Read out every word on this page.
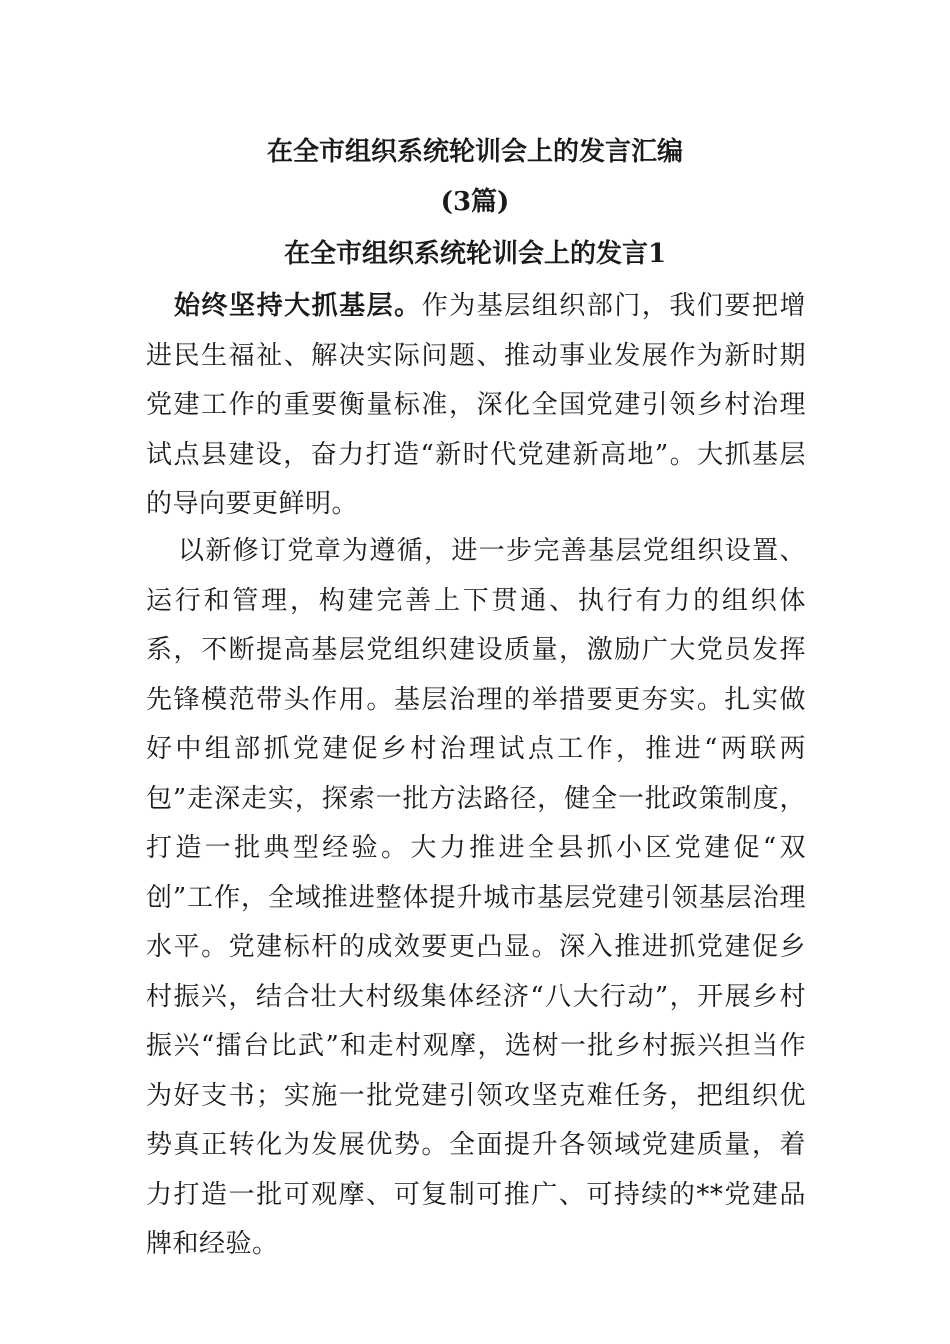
在全市组织系统轮训会上的发言汇编
(3篇)
在全市组织系统轮训会上的发言1
始终坚持大抓基层。作为基层组织部门，我们要把增进民生福祉、解决实际问题、推动事业发展作为新时期党建工作的重要衡量标准，深化全国党建引领乡村治理试点县建设，奋力打造“新时代党建新高地”。大抓基层的导向要更鲜明。
以新修订党章为遵循，进一步完善基层党组织设置、运行和管理，构建完善上下贯通、执行有力的组织体系，不断提高基层党组织建设质量，激励广大党员发挥先锋模范带头作用。基层治理的举措要更夯实。扎实做好中组部抓党建促乡村治理试点工作，推进“两联两包”走深走实，探索一批方法路径，健全一批政策制度，打造一批典型经验。大力推进全县抓小区党建促“双创”工作，全域推进整体提升城市基层党建引领基层治理水平。党建标杆的成效要更凸显。深入推进抓党建促乡村振兴，结合壮大村级集体经济“八大行动”，开展乡村振兴“擂台比武”和走村观摩，选树一批乡村振兴担当作为好支书；实施一批党建引领攻坚克难任务，把组织优势真正转化为发展优势。全面提升各领域党建质量，着力打造一批可观摩、可复制可推广、可持续的**党建品牌和经验。
